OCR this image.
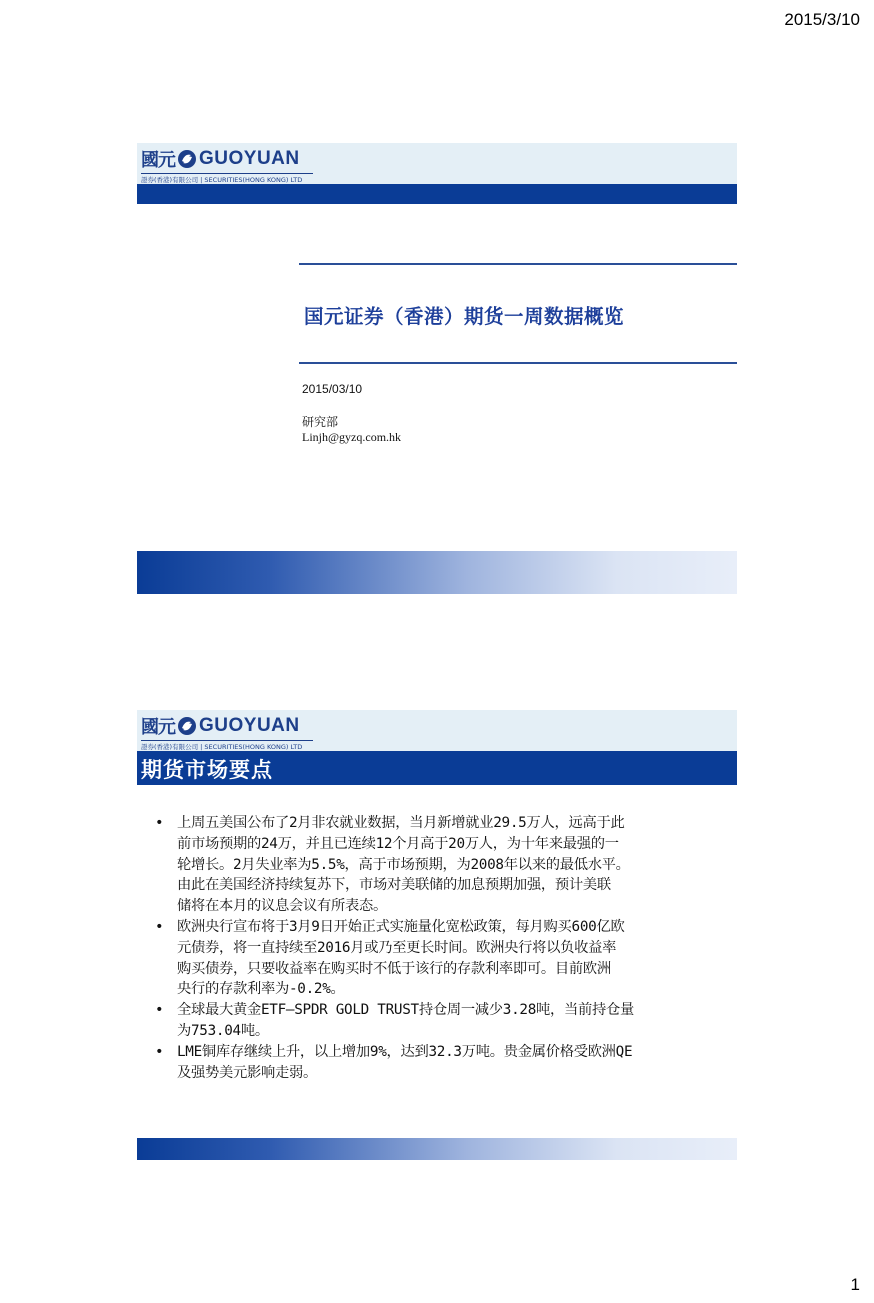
2015/3/10
國元 GUOYUAN
證券(香港)有限公司 | SECURITIES(HONG KONG) LTD
国元证券（香港）期货一周数据概览
2015/03/10
研究部
Linjh@gyzq.com.hk
國元 GUOYUAN
證券(香港)有限公司 | SECURITIES(HONG KONG) LTD
期货市场要点
• 上周五美国公布了2月非农就业数据，当月新增就业29.5万人，远高于此
前市场预期的24万，并且已连续12个月高于20万人，为十年来最强的一
轮增长。2月失业率为5.5%，高于市场预期，为2008年以来的最低水平。
由此在美国经济持续复苏下，市场对美联储的加息预期加强，预计美联
储将在本月的议息会议有所表态。
• 欧洲央行宣布将于3月9日开始正式实施量化宽松政策，每月购买600亿欧
元债券，将一直持续至2016月或乃至更长时间。欧洲央行将以负收益率
购买债券，只要收益率在购买时不低于该行的存款利率即可。目前欧洲
央行的存款利率为-0.2%。
• 全球最大黄金ETF—SPDR GOLD TRUST持仓周一减少3.28吨，当前持仓量
为753.04吨。
• LME铜库存继续上升，以上增加9%，达到32.3万吨。贵金属价格受欧洲QE
及强势美元影响走弱。
1
